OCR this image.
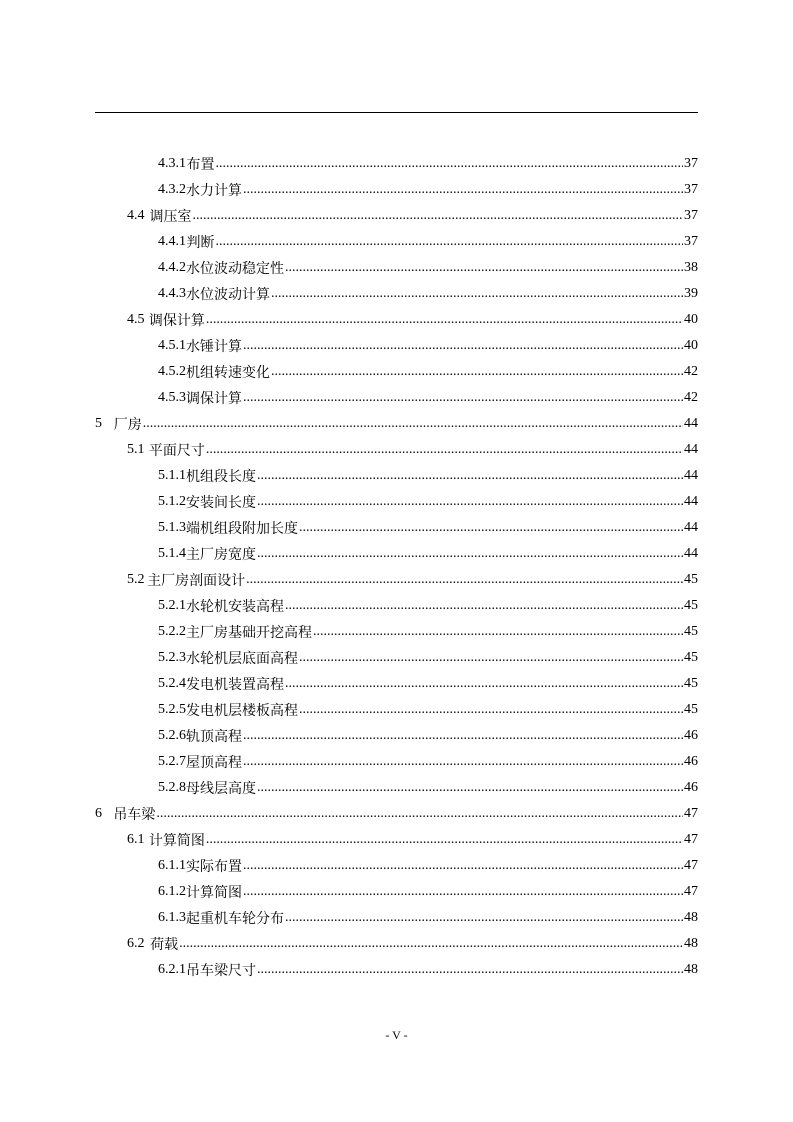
4.3.1 布置 .....	37
4.3.2 水力计算 .....	37
4.4 调压室 .....	37
4.4.1 判断 .....	37
4.4.2 水位波动稳定性 .....	38
4.4.3 水位波动计算 .....	39
4.5 调保计算 .....	40
4.5.1 水锤计算 .....	40
4.5.2 机组转速变化 .....	42
4.5.3 调保计算 .....	42
5 厂房 .....	44
5.1 平面尺寸 .....	44
5.1.1 机组段长度 .....	44
5.1.2 安装间长度 .....	44
5.1.3 端机组段附加长度 .....	44
5.1.4 主厂房宽度 .....	44
5.2 主厂房剖面设计 .....	45
5.2.1 水轮机安装高程 .....	45
5.2.2 主厂房基础开挖高程 .....	45
5.2.3 水轮机层底面高程 .....	45
5.2.4 发电机装置高程 .....	45
5.2.5 发电机层楼板高程 .....	45
5.2.6 轨顶高程 .....	46
5.2.7 屋顶高程 .....	46
5.2.8 母线层高度 .....	46
6 吊车梁 .....	47
6.1 计算简图 .....	47
6.1.1 实际布置 .....	47
6.1.2 计算简图 .....	47
6.1.3 起重机车轮分布 .....	48
6.2 荷载 .....	48
6.2.1 吊车梁尺寸 .....	48
- V -
